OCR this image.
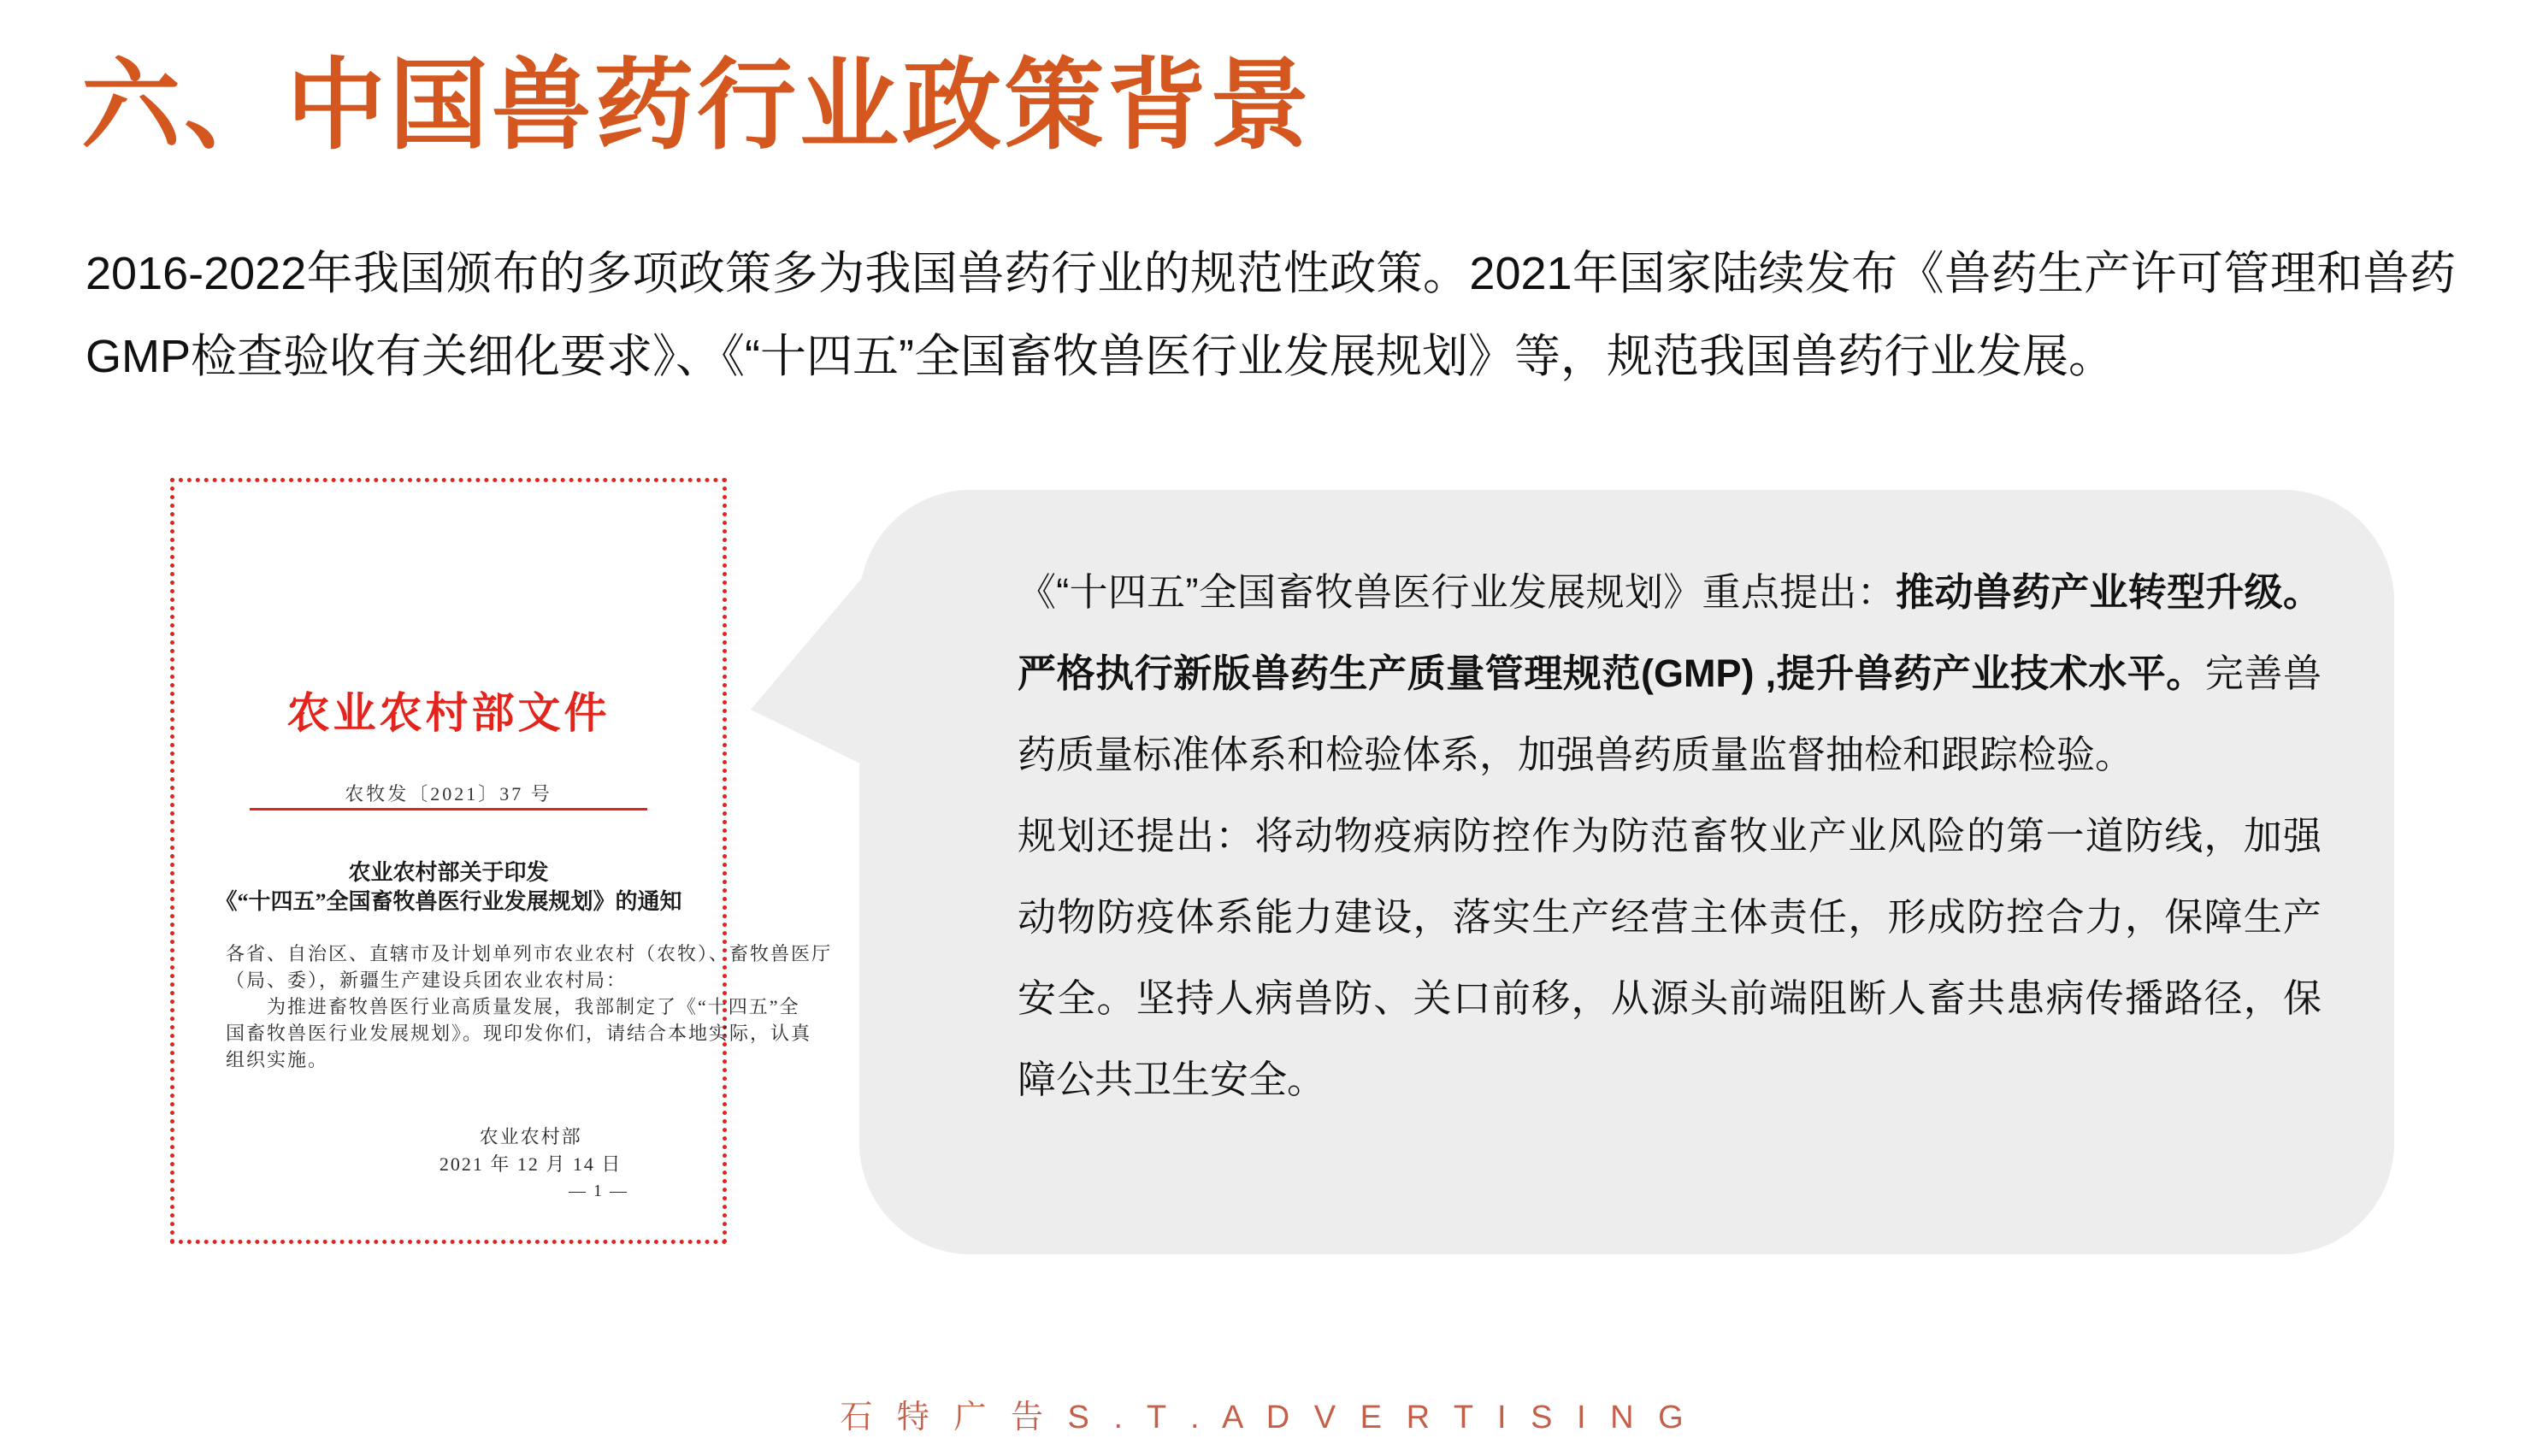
六、中国兽药行业政策背景
2016-2022年我国颁布的多项政策多为我国兽药行业的规范性政策。2021年国家陆续发布《兽药生产许可管理和兽药GMP检查验收有关细化要求》、《“十四五”全国畜牧兽医行业发展规划》等，规范我国兽药行业发展。
农业农村部文件
农牧发〔2021〕37 号
农业农村部关于印发
《“十四五”全国畜牧兽医行业发展规划》的通知
各省、自治区、直辖市及计划单列市农业农村（农牧）、畜牧兽医厅
（局、委），新疆生产建设兵团农业农村局：
　　为推进畜牧兽医行业高质量发展，我部制定了《“十四五”全
国畜牧兽医行业发展规划》。现印发你们，请结合本地实际，认真
组织实施。
农业农村部
2021 年 12 月 14 日
— 1 —
《“十四五”全国畜牧兽医行业发展规划》重点提出：推动兽药产业转型升级。 严格执行新版兽药生产质量管理规范(GMP) ,提升兽药产业技术水平。完善兽药质量标准体系和检验体系，加强兽药质量监督抽检和跟踪检验。
规划还提出：将动物疫病防控作为防范畜牧业产业风险的第一道防线，加强动物防疫体系能力建设，落实生产经营主体责任，形成防控合力，保障生产安全。坚持人病兽防、关口前移，从源头前端阻断人畜共患病传播路径，保障公共卫生安全。
石 特 广 告 S . T . A D V E R T I S I N G
